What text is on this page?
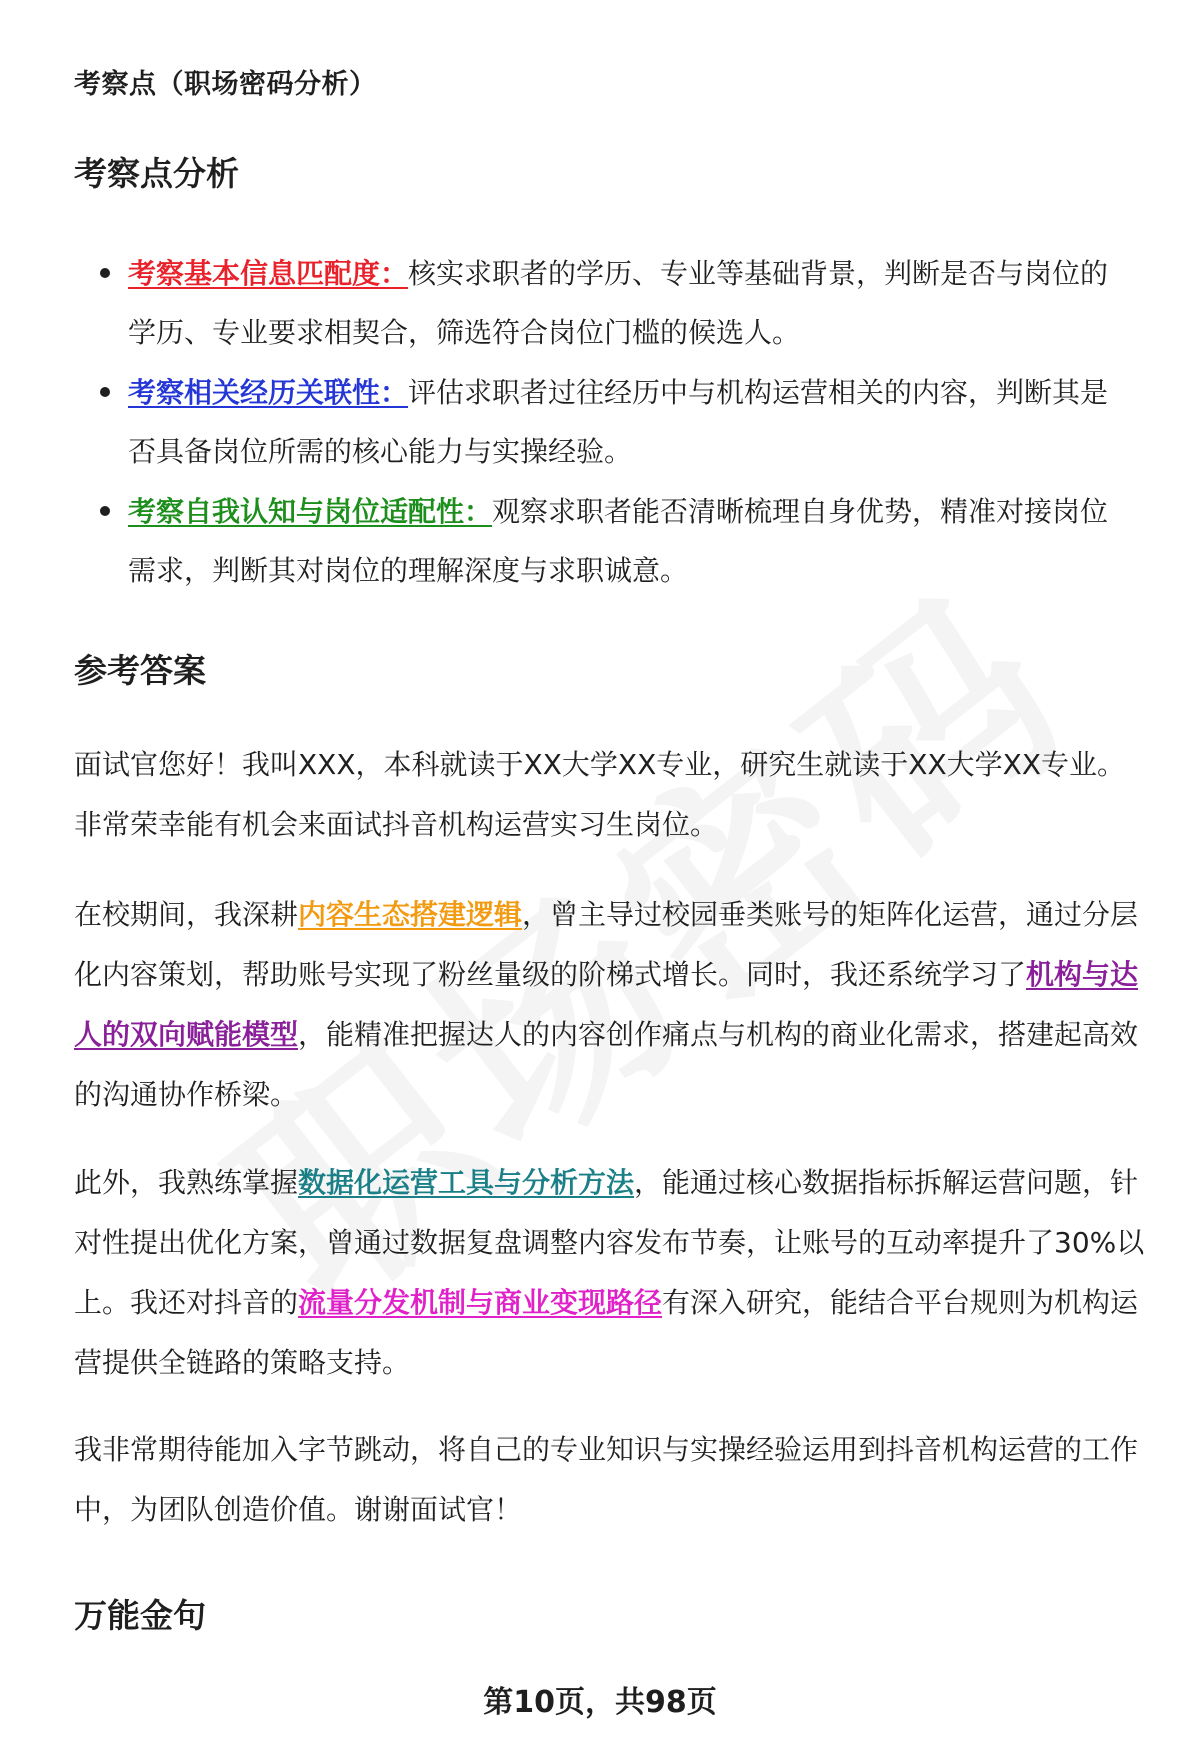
考察点（职场密码分析）
考察点分析
考察基本信息匹配度：核实求职者的学历、专业等基础背景，判断是否与岗位的学历、专业要求相契合，筛选符合岗位门槛的候选人。
考察相关经历关联性：评估求职者过往经历中与机构运营相关的内容，判断其是否具备岗位所需的核心能力与实操经验。
考察自我认知与岗位适配性：观察求职者能否清晰梳理自身优势，精准对接岗位需求，判断其对岗位的理解深度与求职诚意。
参考答案

面试官您好！我叫XXX，本科就读于XX大学XX专业，研究生就读于XX大学XX专业。非常荣幸能有机会来面试抖音机构运营实习生岗位。

在校期间，我深耕内容生态搭建逻辑，曾主导过校园垂类账号的矩阵化运营，通过分层化内容策划，帮助账号实现了粉丝量级的阶梯式增长。同时，我还系统学习了机构与达人的双向赋能模型，能精准把握达人的内容创作痛点与机构的商业化需求，搭建起高效的沟通协作桥梁。

此外，我熟练掌握数据化运营工具与分析方法，能通过核心数据指标拆解运营问题，针对性提出优化方案，曾通过数据复盘调整内容发布节奏，让账号的互动率提升了30%以上。我还对抖音的流量分发机制与商业变现路径有深入研究，能结合平台规则为机构运营提供全链路的策略支持。

我非常期待能加入字节跳动，将自己的专业知识与实操经验运用到抖音机构运营的工作中，为团队创造价值。谢谢面试官！

万能金句
第10页，共98页
